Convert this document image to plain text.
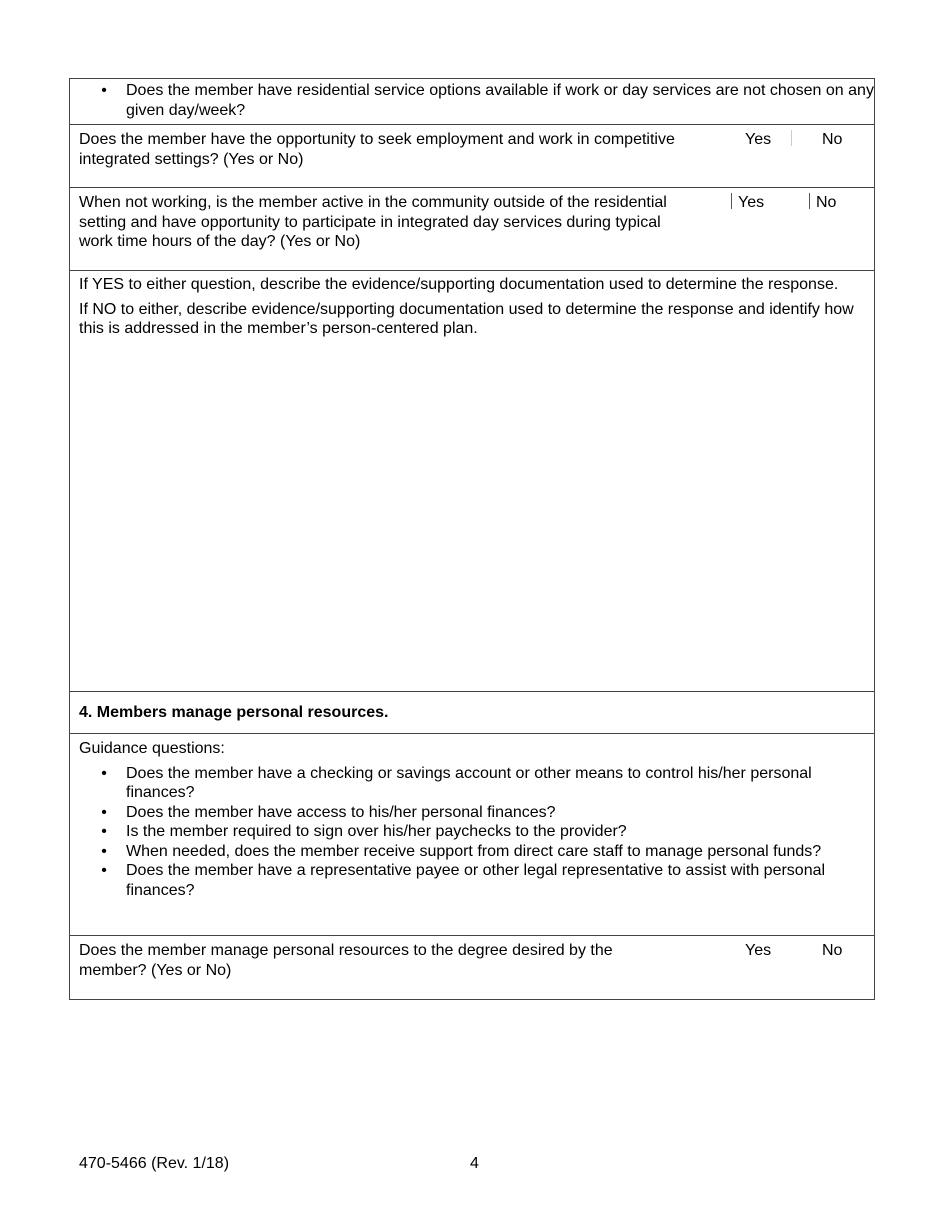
• Does the member have residential service options available if work or day services are not chosen on any given day/week?
Does the member have the opportunity to seek employment and work in competitive integrated settings? (Yes or No)
Yes	No
When not working, is the member active in the community outside of the residential setting and have opportunity to participate in integrated day services during typical work time hours of the day? (Yes or No)
Yes	No

If YES to either question, describe the evidence/supporting documentation used to determine the response.

If NO to either, describe evidence/supporting documentation used to determine the response and identify how this is addressed in the member’s person-centered plan.

4. Members manage personal resources.
Guidance questions:
• Does the member have a checking or savings account or other means to control his/her personal finances?
• Does the member have access to his/her personal finances?
• Is the member required to sign over his/her paychecks to the provider?
• When needed, does the member receive support from direct care staff to manage personal funds?
• Does the member have a representative payee or other legal representative to assist with personal finances?
Does the member manage personal resources to the degree desired by the member? (Yes or No)
Yes	No
470-5466 (Rev. 1/18)	4
